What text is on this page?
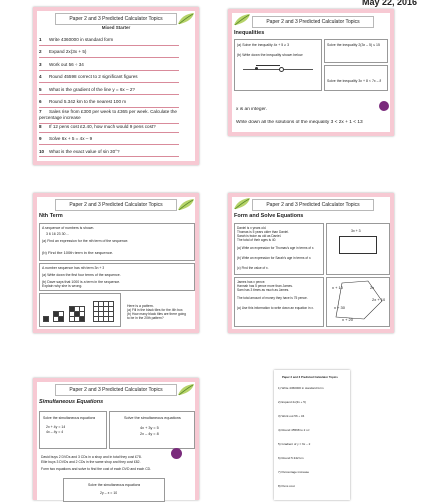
May 22, 2016
Paper 2 and 3 Predicted Calculator Topics
Mixed Starter
1 Write 4360000 in standard form
2 Expand 2x(3x + 5)
3 Work out 56 ÷ 34
4 Round 45598 correct to 2 significant figures
5 What is the gradient of the line y = 6x – 2?
6 Round 5.342 km to the nearest 100 m
7 Sales rise from £300 per week to £365 per week. Calculate the percentage increase
8 If 12 pens cost £2.40, how much would 9 pens cost?
9 Solve 6x + 5 = 4x – 9
10 What is the exact value of sin 30°?
Paper 2 and 3 Predicted Calculator Topics
Inequalities
(a) Solve the inequality 4x + 5 ≥ 3
(b) Write down the inequality shown below
Solve the inequality 2(3x – 5) ≤ 15
Solve the inequality 3x + 8 < 7x – 8
x is an integer.
Write down all the solutions of the inequality 3 < 2x + 1 < 13
Paper 2 and 3 Predicted Calculator Topics
Nth Term
A sequence of numbers is shown.
3 6 16 23 30 ...
(a) Find an expression for the nth term of the sequence.
(b) Find the 100th term in the sequence.
A number sequence has nth term 3n + 3
(a) Write down the first four terms of the sequence.
(b) Dave says that 1000 is a term in the sequence.
Explain why she is wrong.
Here is a pattern.
(a) Fill in the black tiles for the 4th box.
(b) How many black tiles are there going
to be in the 20th pattern?
Paper 2 and 3 Predicted Calculator Topics
Form and Solve Equations
Daniel is x years old.
Thomas is 5 years older than Daniel.
Sarah is twice as old as Daniel.
The total of their ages is 40.
(a) Write an expression for Thomas's age in terms of x.
(b) Write an expression for Sarah's age in terms of x.
(c) Find the value of x.
3x + 3
James has x pence.
Hannah has 5 pence more than James.
Sam has 3 times as much as James.
The total amount of money they have is 75 pence.
(a) Use this information to write down an equation in x.
x + 10	2x
2x + 10
x + 30
x + 20
Paper 2 and 3 Predicted Calculator Topics
Simultaneous Equations
Solve the simultaneous equations
2x + 4y = 14
4x – 4y = 4
Solve the simultaneous equations
4x + 3y = 5
2x – 4y = 8
David buys 2 DVDs and 3 CDs in a shop and in total they cost £78.
Ellie buys 3 DVDs and 2 CDs in the same shop and they cost £82.
Form two equations and solve to find the cost of each DVD and each CD.
Solve the simultaneous equations
2y – x = 10
Paper 2 and 3 Predicted Calculator Topics
1) Write 4360000 in standard form
2) Expand 2x(3x + 5)
3) Work out 56 ÷ 34
4) Round 45598 to 2 s.f.
5) Gradient of y = 6x – 2
6) Round 5.342 km
7) Percentage increase
8) Pens cost
